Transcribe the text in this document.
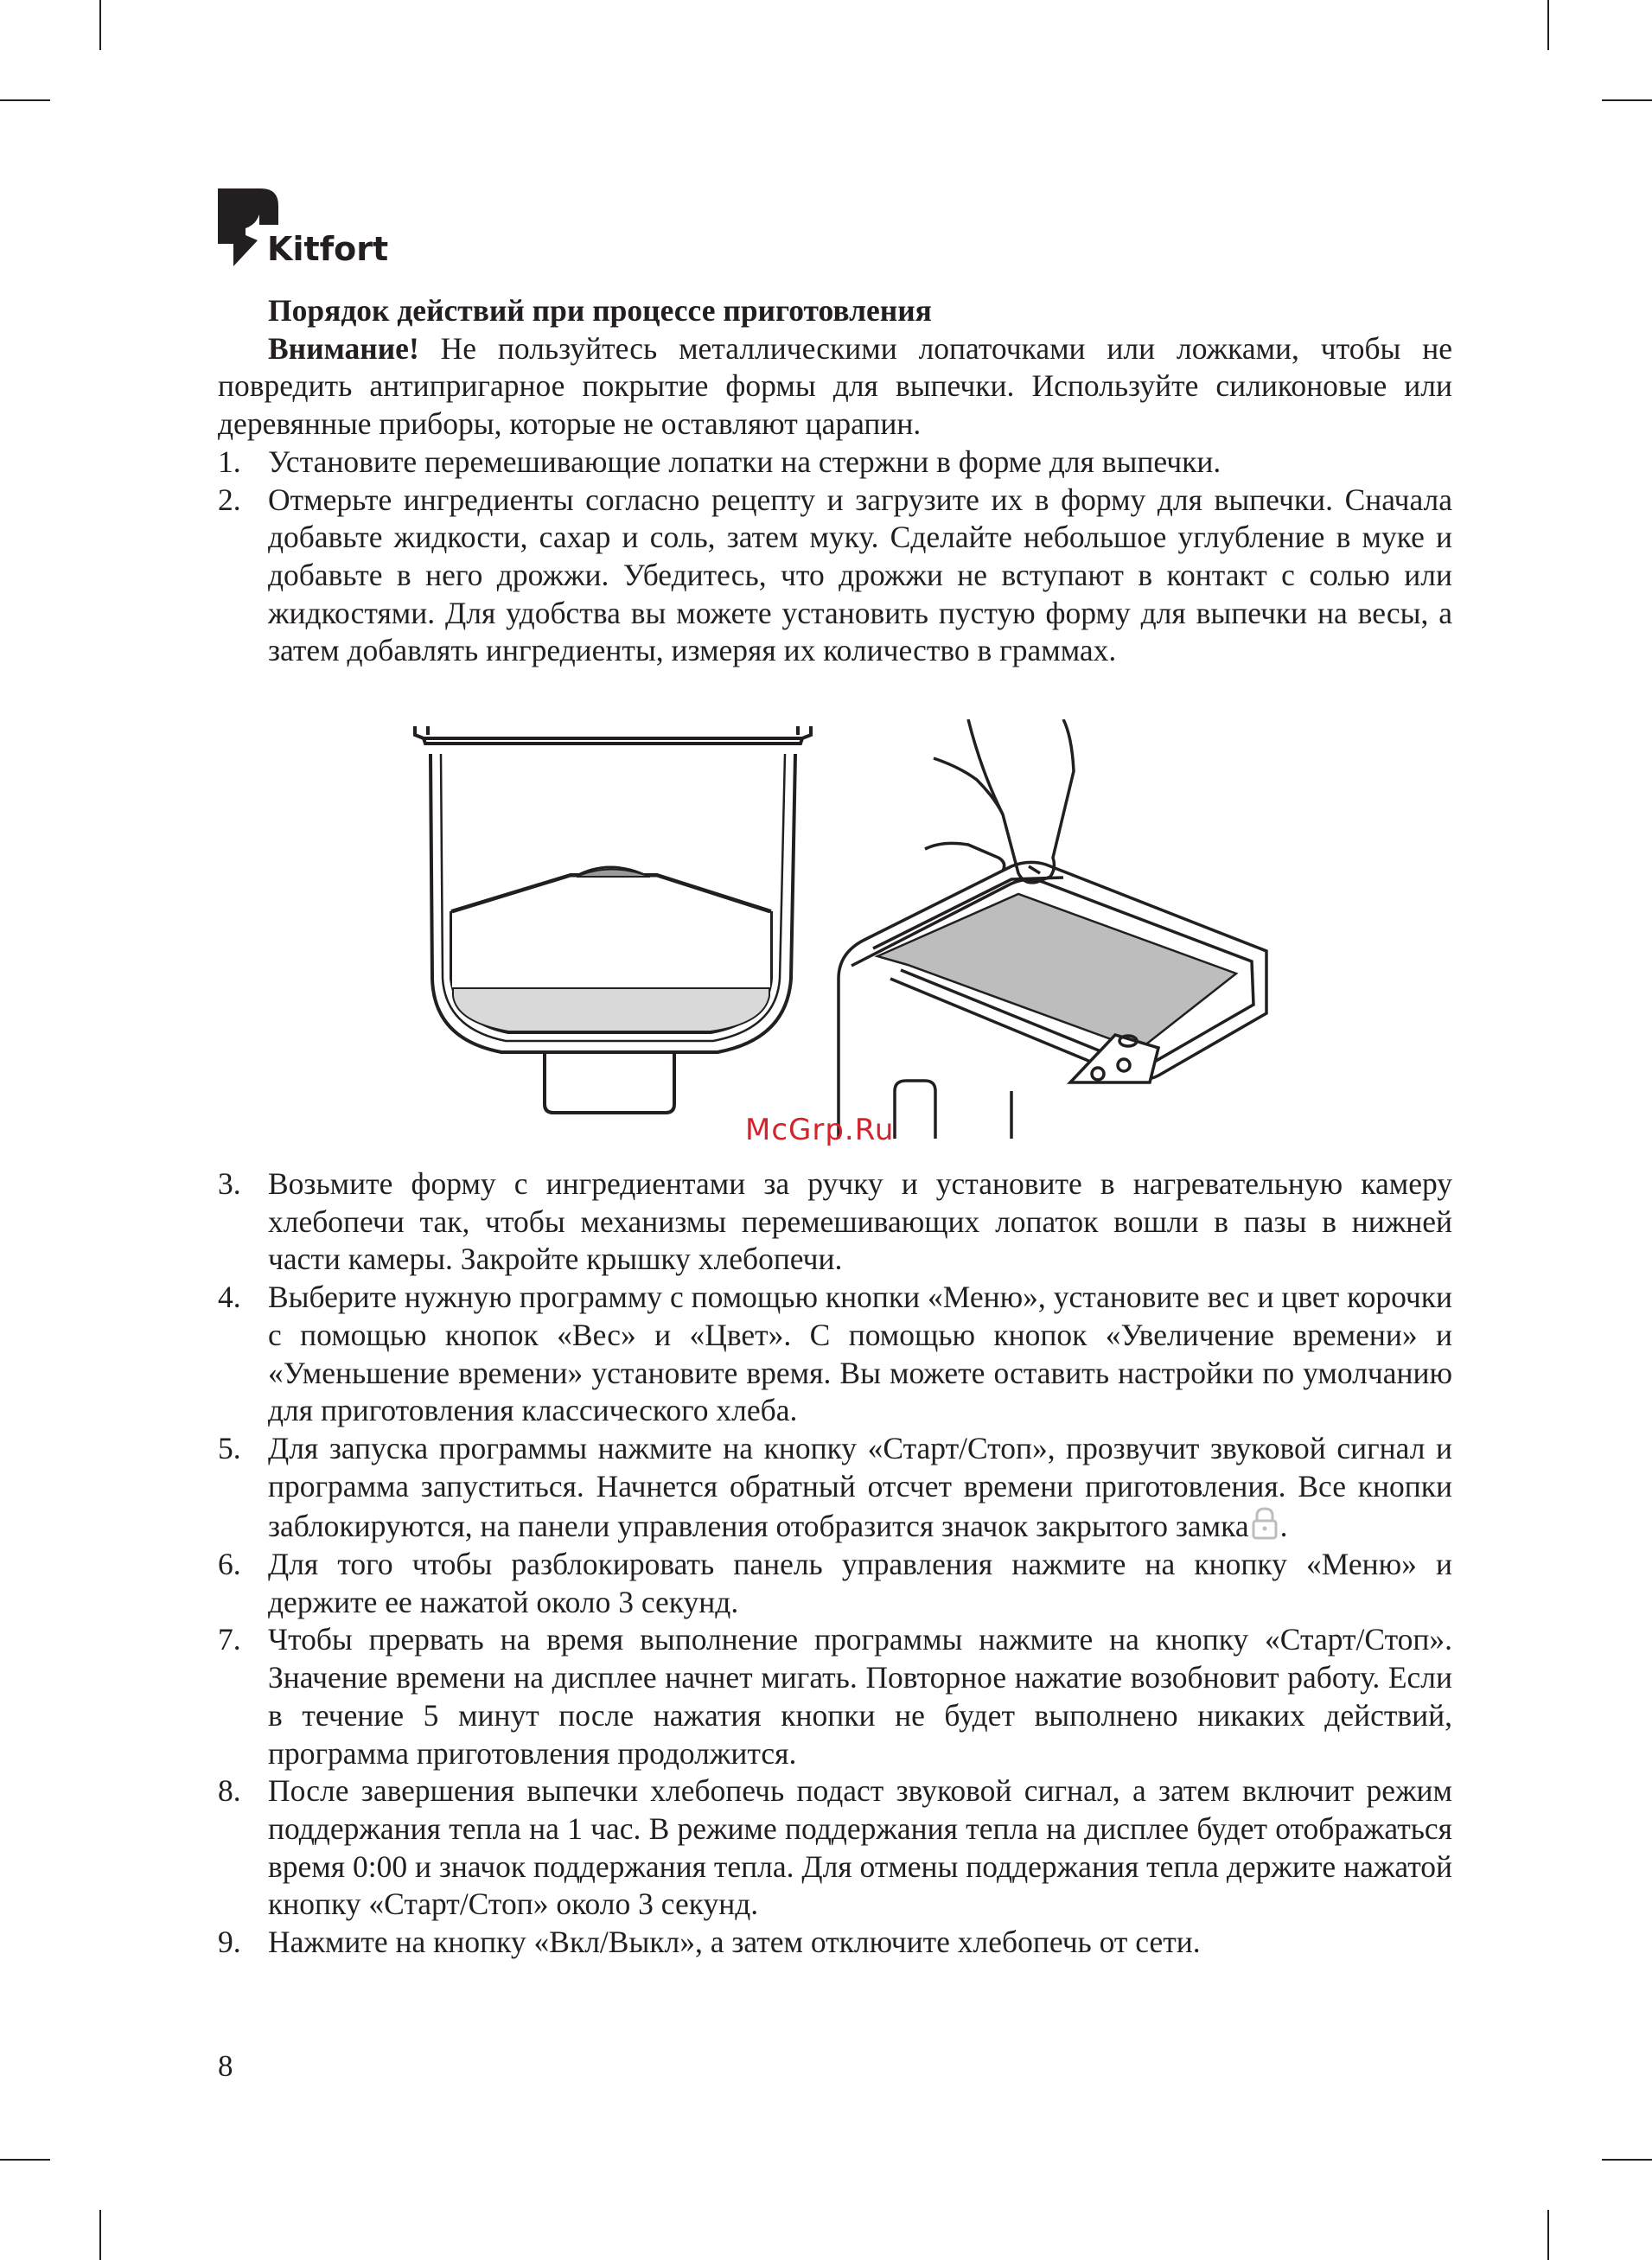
Kitfort

Порядок действий при процессе приготовления

Внимание! Не пользуйтесь металлическими лопаточками или ложками, чтобы не повредить антипригарное покрытие формы для выпечки. Используйте силиконовые или деревянные приборы, которые не оставляют царапин.

1. Установите перемешивающие лопатки на стержни в форме для выпечки.
2. Отмерьте ингредиенты согласно рецепту и загрузите их в форму для выпечки. Сначала добавьте жидкости, сахар и соль, затем муку. Сделайте небольшое углубление в муке и добавьте в него дрожжи. Убедитесь, что дрожжи не вступают в контакт с солью или жидкостями. Для удобства вы можете установить пустую форму для выпечки на весы, а затем добавлять ингредиенты, измеряя их количество в граммах.
McGrp.Ru
3. Возьмите форму с ингредиентами за ручку и установите в нагревательную камеру хлебопечи так, чтобы механизмы перемешивающих лопаток вошли в пазы в нижней части камеры. Закройте крышку хлебопечи.
4. Выберите нужную программу с помощью кнопки «Меню», установите вес и цвет корочки с помощью кнопок «Вес» и «Цвет». С помощью кнопок «Увеличение времени» и «Уменьшение времени» установите время. Вы можете оставить настройки по умолчанию для приготовления классического хлеба.
5. Для запуска программы нажмите на кнопку «Старт/Стоп», прозвучит звуковой сигнал и программа запуститься. Начнется обратный отсчет времени приготовления. Все кнопки заблокируются, на панели управления отобразится значок закрытого замка .
6. Для того чтобы разблокировать панель управления нажмите на кнопку «Меню» и держите ее нажатой около 3 секунд.
7. Чтобы прервать на время выполнение программы нажмите на кнопку «Старт/Стоп». Значение времени на дисплее начнет мигать. Повторное нажатие возобновит работу. Если в течение 5 минут после нажатия кнопки не будет выполнено никаких действий, программа приготовления продолжится.
8. После завершения выпечки хлебопечь подаст звуковой сигнал, а затем включит режим поддержания тепла на 1 час. В режиме поддержания тепла на дисплее будет отображаться время 0:00 и значок поддержания тепла. Для отмены поддержания тепла держите нажатой кнопку «Старт/Стоп» около 3 секунд.
9. Нажмите на кнопку «Вкл/Выкл», а затем отключите хлебопечь от сети.
8
